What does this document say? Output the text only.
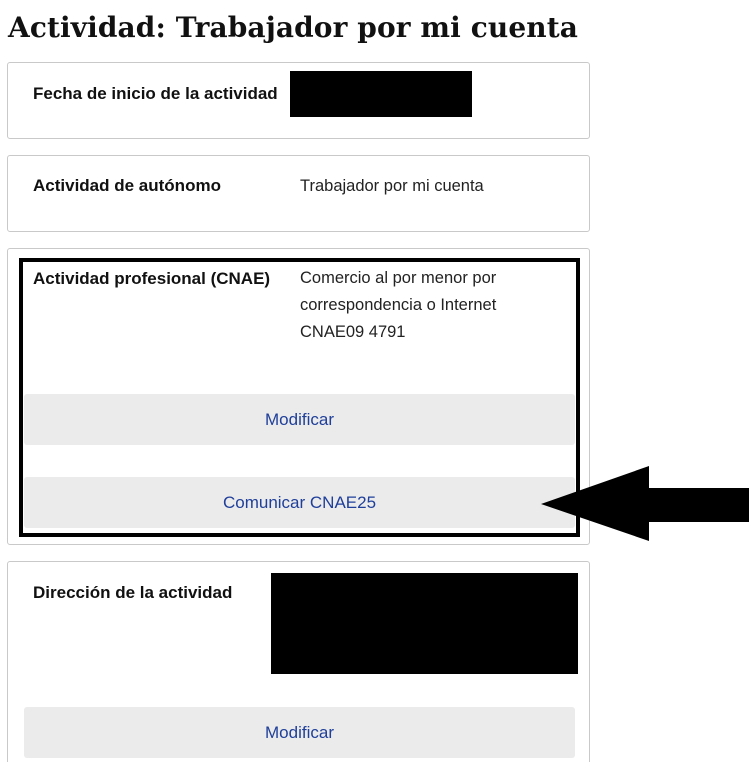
Actividad: Trabajador por mi cuenta
Fecha de inicio de la actividad
Actividad de autónomo	Trabajador por mi cuenta
Actividad profesional (CNAE) Comercio al por menor por
correspondencia o Internet
CNAE09 4791
Modificar
Comunicar CNAE25
Dirección de la actividad
Modificar
